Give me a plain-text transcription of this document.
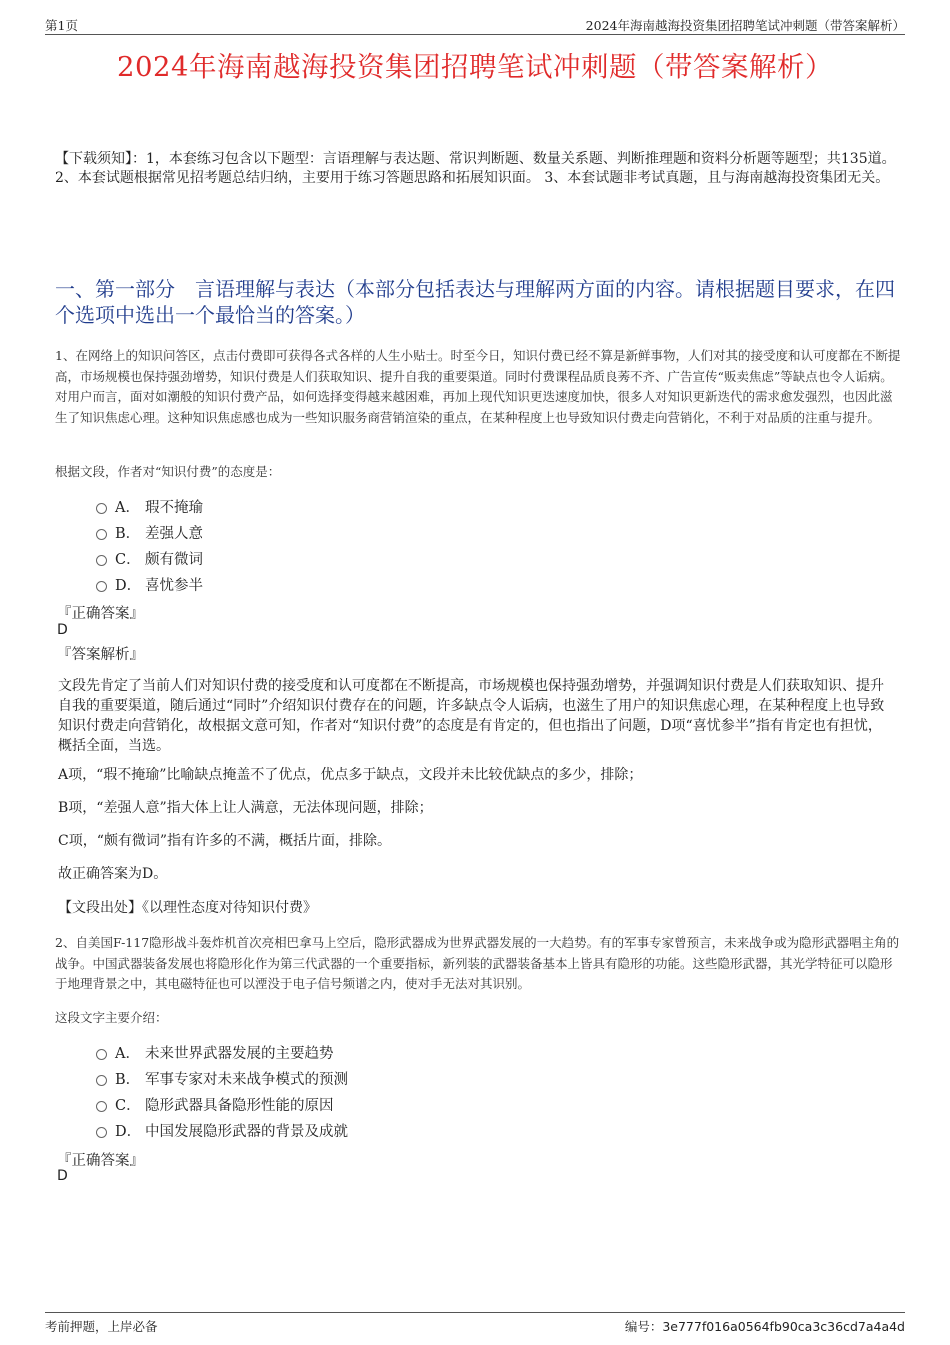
第1页	2024年海南越海投资集团招聘笔试冲刺题（带答案解析）
2024年海南越海投资集团招聘笔试冲刺题（带答案解析）
【下载须知】：1，本套练习包含以下题型：言语理解与表达题、常识判断题、数量关系题、判断推理题和资料分析题等题型；共135道。 2、本套试题根据常见招考题总结归纳，主要用于练习答题思路和拓展知识面。 3、本套试题非考试真题，且与海南越海投资集团无关。
一、第一部分　言语理解与表达（本部分包括表达与理解两方面的内容。请根据题目要求，在四个选项中选出一个最恰当的答案。）
1、在网络上的知识问答区，点击付费即可获得各式各样的人生小贴士。时至今日，知识付费已经不算是新鲜事物，人们对其的接受度和认可度都在不断提高，市场规模也保持强劲增势，知识付费是人们获取知识、提升自我的重要渠道。同时付费课程品质良莠不齐、广告宣传“贩卖焦虑”等缺点也令人诟病。对用户而言，面对如潮般的知识付费产品，如何选择变得越来越困难，再加上现代知识更迭速度加快，很多人对知识更新迭代的需求愈发强烈，也因此滋生了知识焦虑心理。这种知识焦虑感也成为一些知识服务商营销渲染的重点，在某种程度上也导致知识付费走向营销化，不利于对品质的注重与提升。
根据文段，作者对“知识付费”的态度是：
A． 瑕不掩瑜
B． 差强人意
C． 颇有微词
D． 喜忧参半
『正确答案』
D
『答案解析』
文段先肯定了当前人们对知识付费的接受度和认可度都在不断提高，市场规模也保持强劲增势，并强调知识付费是人们获取知识、提升自我的重要渠道，随后通过“同时”介绍知识付费存在的问题，许多缺点令人诟病，也滋生了用户的知识焦虑心理，在某种程度上也导致知识付费走向营销化，故根据文意可知，作者对“知识付费”的态度是有肯定的，但也指出了问题，D项“喜忧参半”指有肯定也有担忧，概括全面，当选。
A项，“瑕不掩瑜”比喻缺点掩盖不了优点，优点多于缺点，文段并未比较优缺点的多少，排除；
B项，“差强人意”指大体上让人满意，无法体现问题，排除；
C项，“颇有微词”指有许多的不满，概括片面，排除。
故正确答案为D。
【文段出处】《以理性态度对待知识付费》
2、自美国F-117隐形战斗轰炸机首次亮相巴拿马上空后，隐形武器成为世界武器发展的一大趋势。有的军事专家曾预言，未来战争或为隐形武器唱主角的战争。中国武器装备发展也将隐形化作为第三代武器的一个重要指标，新列装的武器装备基本上皆具有隐形的功能。这些隐形武器，其光学特征可以隐形于地理背景之中，其电磁特征也可以湮没于电子信号频谱之内，使对手无法对其识别。
这段文字主要介绍：
A． 未来世界武器发展的主要趋势
B． 军事专家对未来战争模式的预测
C． 隐形武器具备隐形性能的原因
D． 中国发展隐形武器的背景及成就
『正确答案』
D
考前押题，上岸必备	编号：3e777f016a0564fb90ca3c36cd7a4a4d
